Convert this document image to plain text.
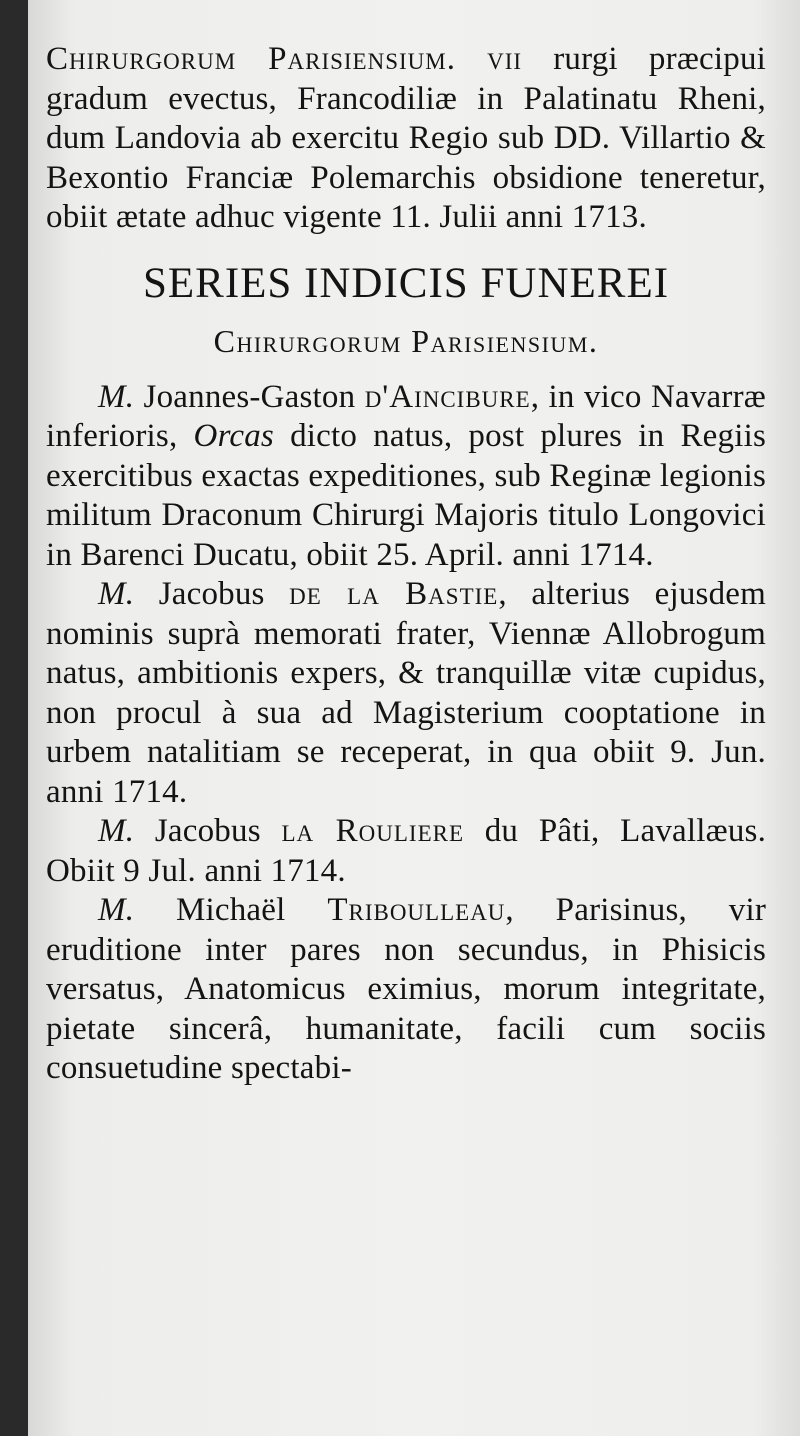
Chirurgorum Parisiensium. vii rurgi præcipui gradum evectus, Francodiliæ in Palatinatu Rheni, dum Landovia ab exercitu Regio sub DD. Villartio & Bexontio Franciæ Polemarchis obsidione teneretur, obiit ætate adhuc vigente 11. Julii anni 1713.

SERIES INDICIS FUNEREI
Chirurgorum Parisiensium.

M. Joannes-Gaston d'Aincibure, in vico Navarræ inferioris, Orcas dicto natus, post plures in Regiis exercitibus exactas expeditiones, sub Reginæ legionis militum Draconum Chirurgi Majoris titulo Longovici in Barenci Ducatu, obiit 25. April. anni 1714.

M. Jacobus de la Bastie, alterius ejusdem nominis suprà memorati frater, Viennæ Allobrogum natus, ambitionis expers, & tranquillæ vitæ cupidus, non procul à sua ad Magisterium cooptatione in urbem natalitiam se receperat, in qua obiit 9. Jun. anni 1714.

M. Jacobus la Rouliere du Pâti, Lavallæus. Obiit 9 Jul. anni 1714.

M. Michaël Triboulleau, Parisinus, vir eruditione inter pares non secundus, in Phisicis versatus, Anatomicus eximius, morum integritate, pietate sincerâ, humanitate, facili cum sociis consuetudine spectabi-
